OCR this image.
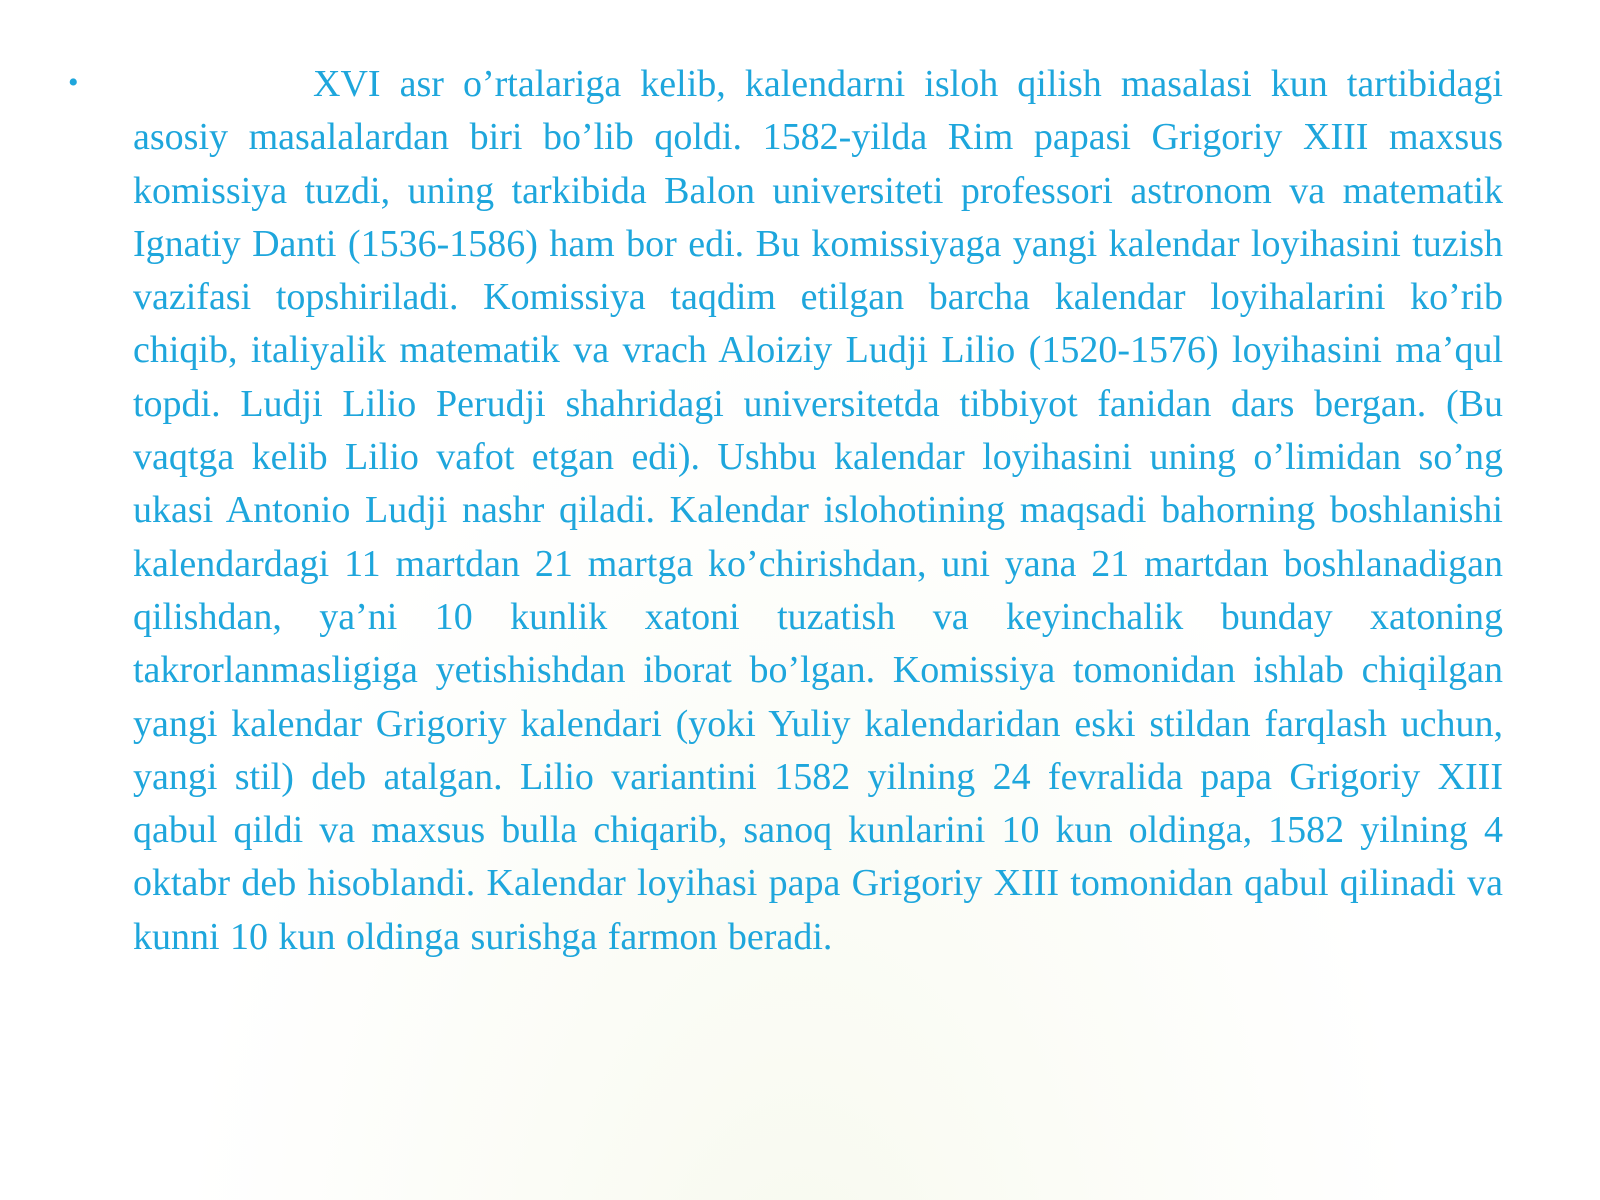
•	XVI asr o’rtalariga kelib, kalendarni isloh qilish masalasi kun tartibidagi asosiy masalalardan biri bo’lib qoldi. 1582-yilda Rim papasi Grigoriy XIII maxsus komissiya tuzdi, uning tarkibida Balon universiteti professori astronom va matematik Ignatiy Danti (1536-1586) ham bor edi. Bu komissiyaga yangi kalendar loyihasini tuzish vazifasi topshiriladi. Komissiya taqdim etilgan barcha kalendar loyihalarini ko’rib chiqib, italiyalik matematik va vrach Aloiziy Ludji Lilio (1520-1576) loyihasini ma’qul topdi. Ludji Lilio Perudji shahridagi universitetda tibbiyot fanidan dars bergan. (Bu vaqtga kelib Lilio vafot etgan edi). Ushbu kalendar loyihasini uning o’limidan so’ng ukasi Antonio Ludji nashr qiladi. Kalendar islohotining maqsadi bahorning boshlanishi kalendardagi 11 martdan 21 martga ko’chirishdan, uni yana 21 martdan boshlanadigan qilishdan, ya’ni 10 kunlik xatoni tuzatish va keyinchalik bunday xatoning takrorlanmasligiga yetishishdan iborat bo’lgan. Komissiya tomonidan ishlab chiqilgan yangi kalendar Grigoriy kalendari (yoki Yuliy kalendaridan eski stildan farqlash uchun, yangi stil) deb atalgan. Lilio variantini 1582 yilning 24 fevralida papa Grigoriy XIII qabul qildi va maxsus bulla chiqarib, sanoq kunlarini 10 kun oldinga, 1582 yilning 4 oktabr deb hisoblandi. Kalendar loyihasi papa Grigoriy XIII tomonidan qabul qilinadi va kunni 10 kun oldinga surishga farmon beradi.
